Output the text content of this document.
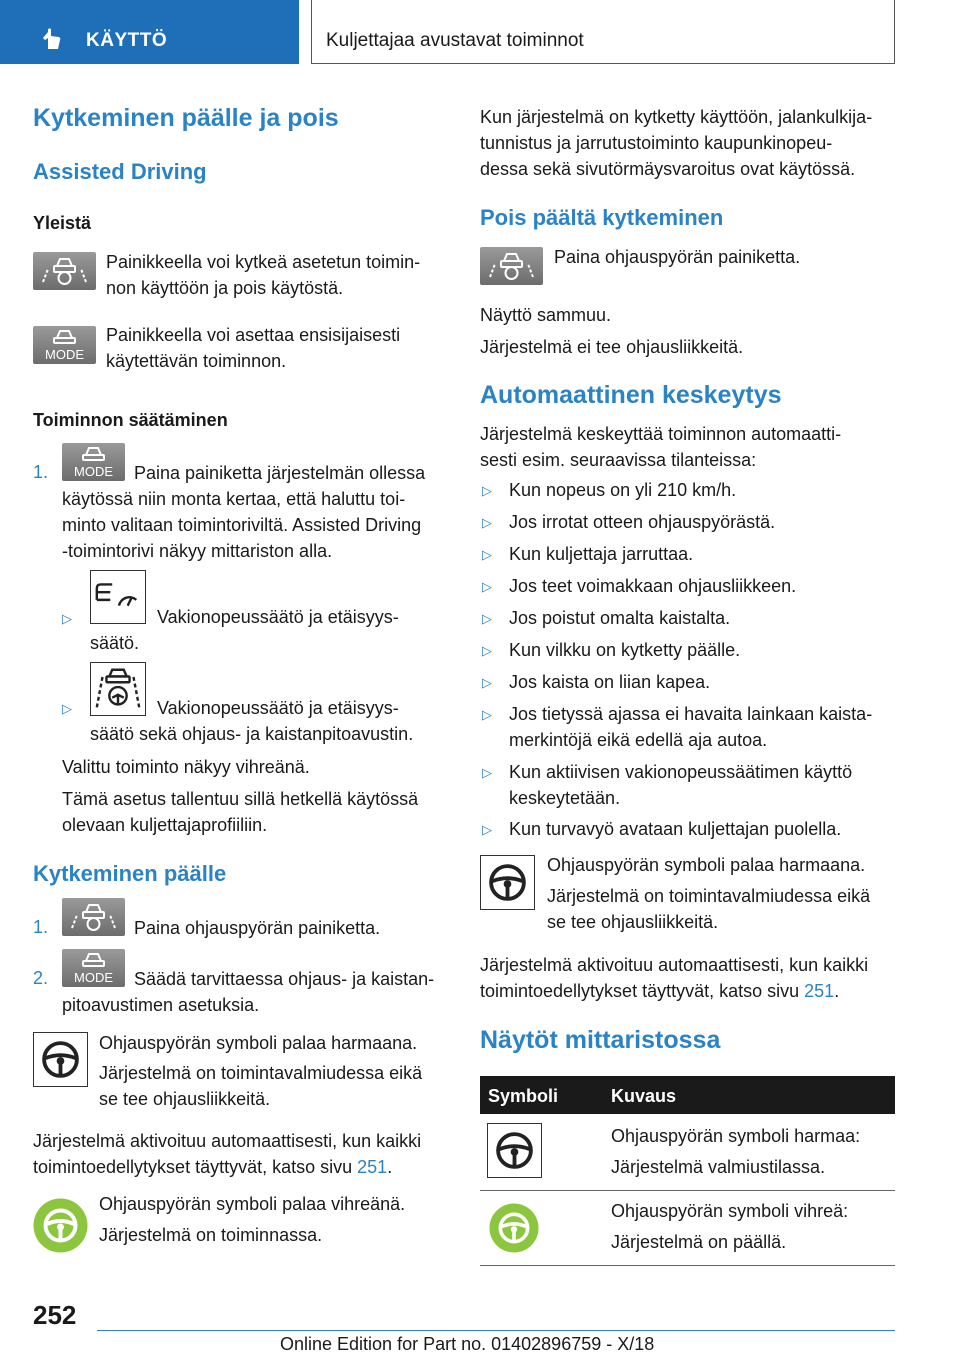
KÄYTTÖ	Kuljettajaa avustavat toiminnot
Kytkeminen päälle ja pois
Assisted Driving
Yleistä
Painikkeella voi kytkeä asetetun toimin‐
non käyttöön ja pois käytöstä.
MODE
Painikkeella voi asettaa ensisijaisesti
käytettävän toiminnon.
Toiminnon säätäminen
1. MODE Paina painiketta järjestelmän ollessa
käytössä niin monta kertaa, että haluttu toi‐
minto valitaan toimintoriviltä. Assisted Driving
‑toimintorivi näkyy mittariston alla.
▷	Vakionopeussäätö ja etäisyys‐
säätö.
▷	Vakionopeussäätö ja etäisyys‐
säätö sekä ohjaus- ja kaistanpitoavustin.
Valittu toiminto näkyy vihreänä.
Tämä asetus tallentuu sillä hetkellä käytössä
olevaan kuljettajaprofiiliin.
Kytkeminen päälle
1.	Paina ohjauspyörän painiketta.
2. MODE Säädä tarvittaessa ohjaus- ja kaistan‐
pitoavustimen asetuksia.
Ohjauspyörän symboli palaa harmaana.
Järjestelmä on toimintavalmiudessa eikä
se tee ohjausliikkeitä.
Järjestelmä aktivoituu automaattisesti, kun kaikki
toimintoedellytykset täyttyvät, katso sivu 251.
Ohjauspyörän symboli palaa vihreänä.
Järjestelmä on toiminnassa.
Kun järjestelmä on kytketty käyttöön, jalankulkija‐
tunnistus ja jarrutustoiminto kaupunkinopeu‐
dessa sekä sivutörmäysvaroitus ovat käytössä.
Pois päältä kytkeminen
Paina ohjauspyörän painiketta.
Näyttö sammuu.
Järjestelmä ei tee ohjausliikkeitä.
Automaattinen keskeytys
Järjestelmä keskeyttää toiminnon automaatti‐
sesti esim. seuraavissa tilanteissa:
▷ Kun nopeus on yli 210 km/h.
▷ Jos irrotat otteen ohjauspyörästä.
▷ Kun kuljettaja jarruttaa.
▷ Jos teet voimakkaan ohjausliikkeen.
▷ Jos poistut omalta kaistalta.
▷ Kun vilkku on kytketty päälle.
▷ Jos kaista on liian kapea.
▷ Jos tietyssä ajassa ei havaita lainkaan kaista‐
merkintöjä eikä edellä aja autoa.
▷ Kun aktiivisen vakionopeussäätimen käyttö
keskeytetään.
▷ Kun turvavyö avataan kuljettajan puolella.
Ohjauspyörän symboli palaa harmaana.
Järjestelmä on toimintavalmiudessa eikä
se tee ohjausliikkeitä.
Järjestelmä aktivoituu automaattisesti, kun kaikki
toimintoedellytykset täyttyvät, katso sivu 251.
Näytöt mittaristossa
Symboli	Kuvaus
Ohjauspyörän symboli harmaa:
Järjestelmä valmiustilassa.
Ohjauspyörän symboli vihreä:
Järjestelmä on päällä.
252
Online Edition for Part no. 01402896759 - X/18
